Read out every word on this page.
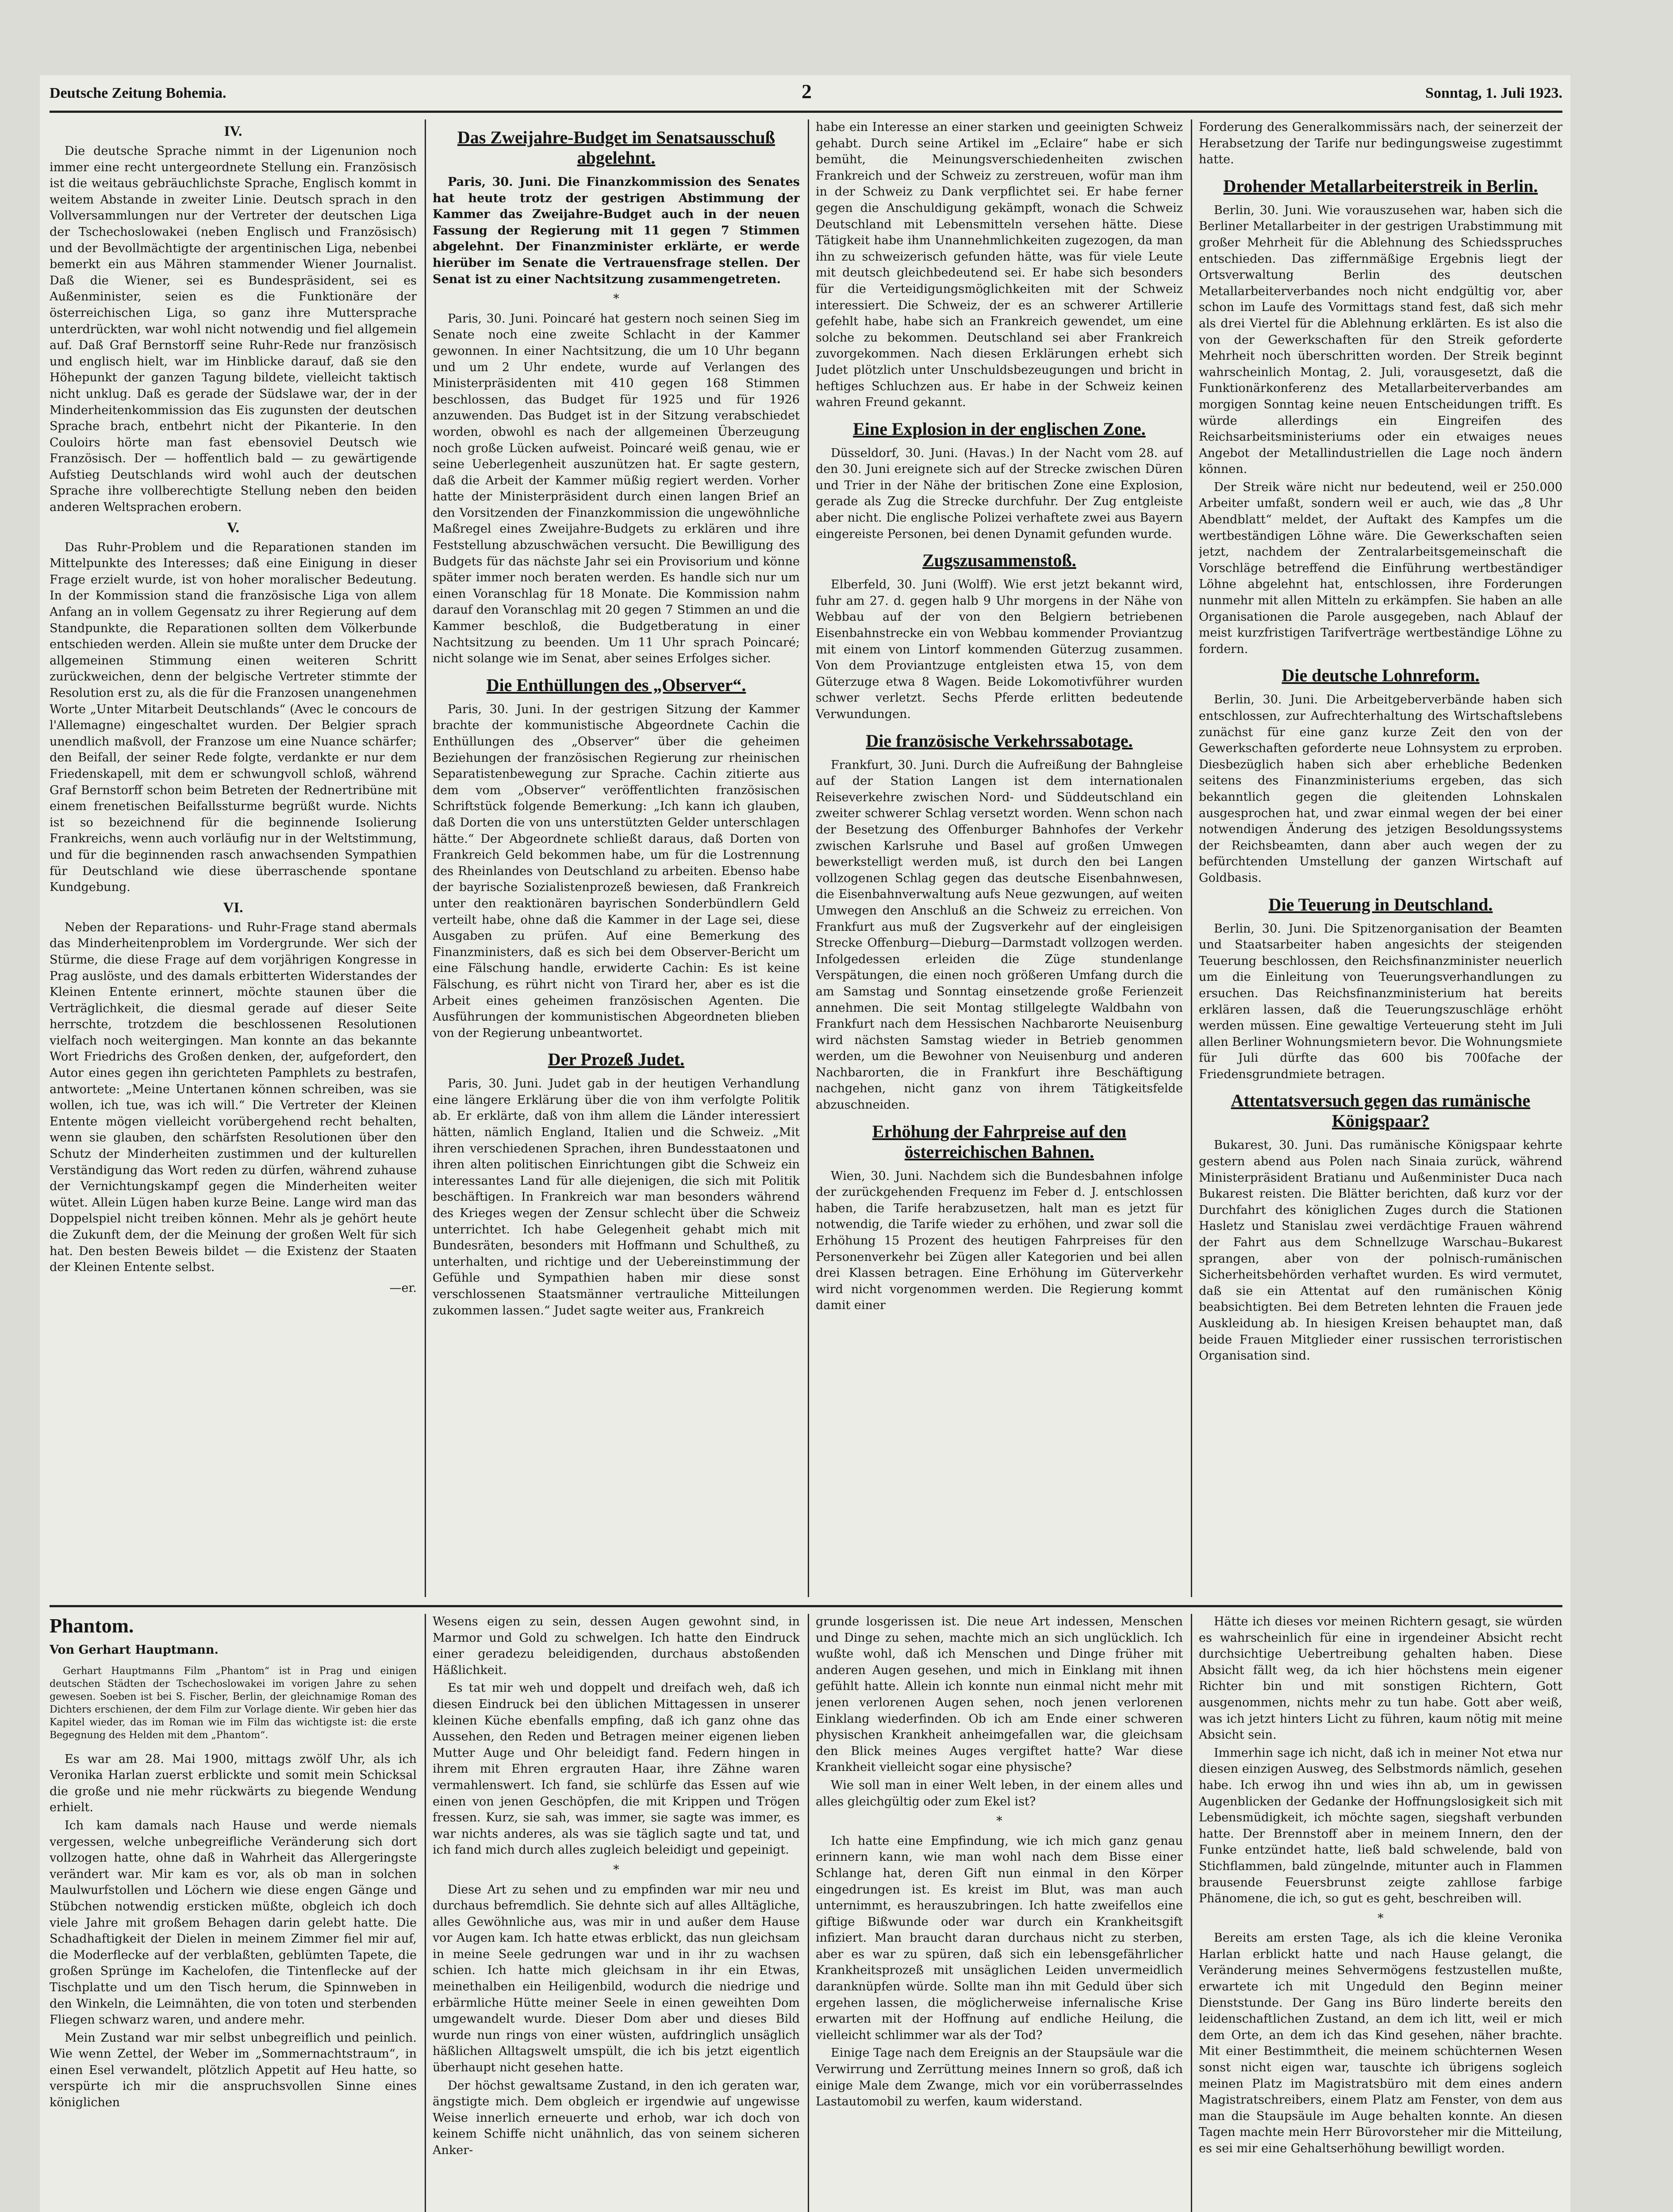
Deutsche Zeitung Bohemia.	2	Sonntag, 1. Juli 1923.
IV.

Die deutsche Sprache nimmt in der Ligenunion noch immer eine recht untergeordnete Stellung ein. Französisch ist die weitaus gebräuchlichste Sprache, Englisch kommt in weitem Abstande in zweiter Linie. Deutsch sprach in den Vollversammlungen nur der Vertreter der deutschen Liga der Tschechoslowakei (neben Englisch und Französisch) und der Bevollmächtigte der argentinischen Liga, nebenbei bemerkt ein aus Mähren stammender Wiener Journalist. Daß die Wiener, sei es Bundespräsident, sei es Außenminister, seien es die Funktionäre der österreichischen Liga, so ganz ihre Muttersprache unterdrückten, war wohl nicht notwendig und fiel allgemein auf. Daß Graf Bernstorff seine Ruhr-Rede nur französisch und englisch hielt, war im Hinblicke darauf, daß sie den Höhepunkt der ganzen Tagung bildete, vielleicht taktisch nicht unklug. Daß es gerade der Südslawe war, der in der Minderheitenkommission das Eis zugunsten der deutschen Sprache brach, entbehrt nicht der Pikanterie. In den Couloirs hörte man fast ebensoviel Deutsch wie Französisch. Der — hoffentlich bald — zu gewärtigende Aufstieg Deutschlands wird wohl auch der deutschen Sprache ihre vollberechtigte Stellung neben den beiden anderen Weltsprachen erobern.

V.

Das Ruhr-Problem und die Reparationen standen im Mittelpunkte des Interesses; daß eine Einigung in dieser Frage erzielt wurde, ist von hoher moralischer Bedeutung. In der Kommission stand die französische Liga von allem Anfang an in vollem Gegensatz zu ihrer Regierung auf dem Standpunkte, die Reparationen sollten dem Völkerbunde entschieden werden. Allein sie mußte unter dem Drucke der allgemeinen Stimmung einen weiteren Schritt zurückweichen, denn der belgische Vertreter stimmte der Resolution erst zu, als die für die Franzosen unangenehmen Worte „Unter Mitarbeit Deutschlands“ (Avec le concours de l'Allemagne) eingeschaltet wurden. Der Belgier sprach unendlich maßvoll, der Franzose um eine Nuance schärfer; den Beifall, der seiner Rede folgte, verdankte er nur dem Friedenskapell, mit dem er schwungvoll schloß, während Graf Bernstorff schon beim Betreten der Rednertribüne mit einem frenetischen Beifallssturme begrüßt wurde. Nichts ist so bezeichnend für die beginnende Isolierung Frankreichs, wenn auch vorläufig nur in der Weltstimmung, und für die beginnenden rasch anwachsenden Sympathien für Deutschland wie diese überraschende spontane Kundgebung.

VI.

Neben der Reparations- und Ruhr-Frage stand abermals das Minderheitenproblem im Vordergrunde. Wer sich der Stürme, die diese Frage auf dem vorjährigen Kongresse in Prag auslöste, und des damals erbitterten Widerstandes der Kleinen Entente erinnert, möchte staunen über die Verträglichkeit, die diesmal gerade auf dieser Seite herrschte, trotzdem die beschlossenen Resolutionen vielfach noch weitergingen. Man konnte an das bekannte Wort Friedrichs des Großen denken, der, aufgefordert, den Autor eines gegen ihn gerichteten Pamphlets zu bestrafen, antwortete: „Meine Untertanen können schreiben, was sie wollen, ich tue, was ich will.“ Die Vertreter der Kleinen Entente mögen vielleicht vorübergehend recht behalten, wenn sie glauben, den schärfsten Resolutionen über den Schutz der Minderheiten zustimmen und der kulturellen Verständigung das Wort reden zu dürfen, während zuhause der Vernichtungskampf gegen die Minderheiten weiter wütet. Allein Lügen haben kurze Beine. Lange wird man das Doppelspiel nicht treiben können. Mehr als je gehört heute die Zukunft dem, der die Meinung der großen Welt für sich hat. Den besten Beweis bildet — die Existenz der Staaten der Kleinen Entente selbst.

—er.
Das Zweijahre-Budget im Senatsausschuß abgelehnt.

Paris, 30. Juni. Die Finanzkommission des Senates hat heute trotz der gestrigen Abstimmung der Kammer das Zweijahre-Budget auch in der neuen Fassung der Regierung mit 11 gegen 7 Stimmen abgelehnt. Der Finanzminister erklärte, er werde hierüber im Senate die Vertrauensfrage stellen. Der Senat ist zu einer Nachtsitzung zusammengetreten.

*

Paris, 30. Juni. Poincaré hat gestern noch seinen Sieg im Senate noch eine zweite Schlacht in der Kammer gewonnen. In einer Nachtsitzung, die um 10 Uhr begann und um 2 Uhr endete, wurde auf Verlangen des Ministerpräsidenten mit 410 gegen 168 Stimmen beschlossen, das Budget für 1925 und für 1926 anzuwenden. Das Budget ist in der Sitzung verabschiedet worden, obwohl es nach der allgemeinen Überzeugung noch große Lücken aufweist. Poincaré weiß genau, wie er seine Ueberlegenheit auszunützen hat. Er sagte gestern, daß die Arbeit der Kammer müßig regiert werden. Vorher hatte der Ministerpräsident durch einen langen Brief an den Vorsitzenden der Finanzkommission die ungewöhnliche Maßregel eines Zweijahre-Budgets zu erklären und ihre Feststellung abzuschwächen versucht. Die Bewilligung des Budgets für das nächste Jahr sei ein Provisorium und könne später immer noch beraten werden. Es handle sich nur um einen Voranschlag für 18 Monate. Die Kommission nahm darauf den Voranschlag mit 20 gegen 7 Stimmen an und die Kammer beschloß, die Budgetberatung in einer Nachtsitzung zu beenden. Um 11 Uhr sprach Poincaré; nicht solange wie im Senat, aber seines Erfolges sicher.

Die Enthüllungen des „Observer“.

Paris, 30. Juni. In der gestrigen Sitzung der Kammer brachte der kommunistische Abgeordnete Cachin die Enthüllungen des „Observer“ über die geheimen Beziehungen der französischen Regierung zur rheinischen Separatistenbewegung zur Sprache. Cachin zitierte aus dem vom „Observer“ veröffentlichten französischen Schriftstück folgende Bemerkung: „Ich kann ich glauben, daß Dorten die von uns unterstützten Gelder unterschlagen hätte.“ Der Abgeordnete schließt daraus, daß Dorten von Frankreich Geld bekommen habe, um für die Lostrennung des Rheinlandes von Deutschland zu arbeiten. Ebenso habe der bayrische Sozialistenprozeß bewiesen, daß Frankreich unter den reaktionären bayrischen Sonderbündlern Geld verteilt habe, ohne daß die Kammer in der Lage sei, diese Ausgaben zu prüfen. Auf eine Bemerkung des Finanzministers, daß es sich bei dem Observer-Bericht um eine Fälschung handle, erwiderte Cachin: Es ist keine Fälschung, es rührt nicht von Tirard her, aber es ist die Arbeit eines geheimen französischen Agenten. Die Ausführungen der kommunistischen Abgeordneten blieben von der Regierung unbeantwortet.

Der Prozeß Judet.

Paris, 30. Juni. Judet gab in der heutigen Verhandlung eine längere Erklärung über die von ihm verfolgte Politik ab. Er erklärte, daß von ihm allem die Länder interessiert hätten, nämlich England, Italien und die Schweiz. „Mit ihren verschiedenen Sprachen, ihren Bundesstaatonen und ihren alten politischen Einrichtungen gibt die Schweiz ein interessantes Land für alle diejenigen, die sich mit Politik beschäftigen. In Frankreich war man besonders während des Krieges wegen der Zensur schlecht über die Schweiz unterrichtet. Ich habe Gelegenheit gehabt mich mit Bundesräten, besonders mit Hoffmann und Schultheß, zu unterhalten, und richtige und der Uebereinstimmung der Gefühle und Sympathien haben mir diese sonst verschlossenen Staatsmänner vertrauliche Mitteilungen zukommen lassen.“ Judet sagte weiter aus, Frankreich

habe ein Interesse an einer starken und geeinigten Schweiz gehabt. Durch seine Artikel im „Eclaire“ habe er sich bemüht, die Meinungsverschiedenheiten zwischen Frankreich und der Schweiz zu zerstreuen, wofür man ihm in der Schweiz zu Dank verpflichtet sei. Er habe ferner gegen die Anschuldigung gekämpft, wonach die Schweiz Deutschland mit Lebensmitteln versehen hätte. Diese Tätigkeit habe ihm Unannehmlichkeiten zugezogen, da man ihn zu schweizerisch gefunden hätte, was für viele Leute mit deutsch gleichbedeutend sei. Er habe sich besonders für die Verteidigungsmöglichkeiten mit der Schweiz interessiert. Die Schweiz, der es an schwerer Artillerie gefehlt habe, habe sich an Frankreich gewendet, um eine solche zu bekommen. Deutschland sei aber Frankreich zuvorgekommen. Nach diesen Erklärungen erhebt sich Judet plötzlich unter Unschuldsbezeugungen und bricht in heftiges Schluchzen aus. Er habe in der Schweiz keinen wahren Freund gekannt.

Eine Explosion in der englischen Zone.

Düsseldorf, 30. Juni. (Havas.) In der Nacht vom 28. auf den 30. Juni ereignete sich auf der Strecke zwischen Düren und Trier in der Nähe der britischen Zone eine Explosion, gerade als Zug die Strecke durchfuhr. Der Zug entgleiste aber nicht. Die englische Polizei verhaftete zwei aus Bayern eingereiste Personen, bei denen Dynamit gefunden wurde.

Zugszusammenstoß.

Elberfeld, 30. Juni (Wolff). Wie erst jetzt bekannt wird, fuhr am 27. d. gegen halb 9 Uhr morgens in der Nähe von Webbau auf der von den Belgiern betriebenen Eisenbahnstrecke ein von Webbau kommender Proviantzug mit einem von Lintorf kommenden Güterzug zusammen. Von dem Proviantzuge entgleisten etwa 15, von dem Güterzuge etwa 8 Wagen. Beide Lokomotivführer wurden schwer verletzt. Sechs Pferde erlitten bedeutende Verwundungen.

Die französische Verkehrssabotage.

Frankfurt, 30. Juni. Durch die Aufreißung der Bahngleise auf der Station Langen ist dem internationalen Reiseverkehre zwischen Nord- und Süddeutschland ein zweiter schwerer Schlag versetzt worden. Wenn schon nach der Besetzung des Offenburger Bahnhofes der Verkehr zwischen Karlsruhe und Basel auf großen Umwegen bewerkstelligt werden muß, ist durch den bei Langen vollzogenen Schlag gegen das deutsche Eisenbahnwesen, die Eisenbahnverwaltung aufs Neue gezwungen, auf weiten Umwegen den Anschluß an die Schweiz zu erreichen. Von Frankfurt aus muß der Zugsverkehr auf der eingleisigen Strecke Offenburg—Dieburg—Darmstadt vollzogen werden. Infolgedessen erleiden die Züge stundenlange Verspätungen, die einen noch größeren Umfang durch die am Samstag und Sonntag einsetzende große Ferienzeit annehmen. Die seit Montag stillgelegte Waldbahn von Frankfurt nach dem Hessischen Nachbarorte Neuisenburg wird nächsten Samstag wieder in Betrieb genommen werden, um die Bewohner von Neuisenburg und anderen Nachbarorten, die in Frankfurt ihre Beschäftigung nachgehen, nicht ganz von ihrem Tätigkeitsfelde abzuschneiden.

Erhöhung der Fahrpreise auf den österreichischen Bahnen.

Wien, 30. Juni. Nachdem sich die Bundesbahnen infolge der zurückgehenden Frequenz im Feber d. J. entschlossen haben, die Tarife herabzusetzen, halt man es jetzt für notwendig, die Tarife wieder zu erhöhen, und zwar soll die Erhöhung 15 Prozent des heutigen Fahrpreises für den Personenverkehr bei Zügen aller Kategorien und bei allen drei Klassen betragen. Eine Erhöhung im Güterverkehr wird nicht vorgenommen werden. Die Regierung kommt damit einer

Forderung des Generalkommissärs nach, der seinerzeit der Herabsetzung der Tarife nur bedingungsweise zugestimmt hatte.

Drohender Metallarbeiterstreik in Berlin.

Berlin, 30. Juni. Wie vorauszusehen war, haben sich die Berliner Metallarbeiter in der gestrigen Urabstimmung mit großer Mehrheit für die Ablehnung des Schiedsspruches entschieden. Das ziffernmäßige Ergebnis liegt der Ortsverwaltung Berlin des deutschen Metallarbeiterverbandes noch nicht endgültig vor, aber schon im Laufe des Vormittags stand fest, daß sich mehr als drei Viertel für die Ablehnung erklärten. Es ist also die von der Gewerkschaften für den Streik geforderte Mehrheit noch überschritten worden. Der Streik beginnt wahrscheinlich Montag, 2. Juli, vorausgesetzt, daß die Funktionärkonferenz des Metallarbeiterverbandes am morgigen Sonntag keine neuen Entscheidungen trifft. Es würde allerdings ein Eingreifen des Reichsarbeitsministeriums oder ein etwaiges neues Angebot der Metallindustriellen die Lage noch ändern können.

Der Streik wäre nicht nur bedeutend, weil er 250.000 Arbeiter umfaßt, sondern weil er auch, wie das „8 Uhr Abendblatt“ meldet, der Auftakt des Kampfes um die wertbeständigen Löhne wäre. Die Gewerkschaften seien jetzt, nachdem der Zentralarbeitsgemeinschaft die Vorschläge betreffend die Einführung wertbeständiger Löhne abgelehnt hat, entschlossen, ihre Forderungen nunmehr mit allen Mitteln zu erkämpfen. Sie haben an alle Organisationen die Parole ausgegeben, nach Ablauf der meist kurzfristigen Tarifverträge wertbeständige Löhne zu fordern.

Die deutsche Lohnreform.

Berlin, 30. Juni. Die Arbeitgeberverbände haben sich entschlossen, zur Aufrechterhaltung des Wirtschaftslebens zunächst für eine ganz kurze Zeit den von der Gewerkschaften geforderte neue Lohnsystem zu erproben. Diesbezüglich haben sich aber erhebliche Bedenken seitens des Finanzministeriums ergeben, das sich bekanntlich gegen die gleitenden Lohnskalen ausgesprochen hat, und zwar einmal wegen der bei einer notwendigen Änderung des jetzigen Besoldungssystems der Reichsbeamten, dann aber auch wegen der zu befürchtenden Umstellung der ganzen Wirtschaft auf Goldbasis.

Die Teuerung in Deutschland.

Berlin, 30. Juni. Die Spitzenorganisation der Beamten und Staatsarbeiter haben angesichts der steigenden Teuerung beschlossen, den Reichsfinanzminister neuerlich um die Einleitung von Teuerungsverhandlungen zu ersuchen. Das Reichsfinanzministerium hat bereits erklären lassen, daß die Teuerungszuschläge erhöht werden müssen. Eine gewaltige Verteuerung steht im Juli allen Berliner Wohnungsmietern bevor. Die Wohnungsmiete für Juli dürfte das 600 bis 700fache der Friedensgrundmiete betragen.

Attentatsversuch gegen das rumänische Königspaar?

Bukarest, 30. Juni. Das rumänische Königspaar kehrte gestern abend aus Polen nach Sinaia zurück, während Ministerpräsident Bratianu und Außenminister Duca nach Bukarest reisten. Die Blätter berichten, daß kurz vor der Durchfahrt des königlichen Zuges durch die Stationen Hasletz und Stanislau zwei verdächtige Frauen während der Fahrt aus dem Schnellzuge Warschau–Bukarest sprangen, aber von der polnisch-rumänischen Sicherheitsbehörden verhaftet wurden. Es wird vermutet, daß sie ein Attentat auf den rumänischen König beabsichtigten. Bei dem Betreten lehnten die Frauen jede Auskleidung ab. In hiesigen Kreisen behauptet man, daß beide Frauen Mitglieder einer russischen terroristischen Organisation sind.

Phantom.
Von Gerhart Hauptmann.

Gerhart Hauptmanns Film „Phantom“ ist in Prag und einigen deutschen Städten der Tschechoslowakei im vorigen Jahre zu sehen gewesen. Soeben ist bei S. Fischer, Berlin, der gleichnamige Roman des Dichters erschienen, der dem Film zur Vorlage diente. Wir geben hier das Kapitel wieder, das im Roman wie im Film das wichtigste ist: die erste Begegnung des Helden mit dem „Phantom“.

Es war am 28. Mai 1900, mittags zwölf Uhr, als ich Veronika Harlan zuerst erblickte und somit mein Schicksal die große und nie mehr rückwärts zu biegende Wendung erhielt.

Ich kam damals nach Hause und werde niemals vergessen, welche unbegreifliche Veränderung sich dort vollzogen hatte, ohne daß in Wahrheit das Allergeringste verändert war. Mir kam es vor, als ob man in solchen Maulwurfstollen und Löchern wie diese engen Gänge und Stübchen notwendig ersticken müßte, obgleich ich doch viele Jahre mit großem Behagen darin gelebt hatte. Die Schadhaftigkeit der Dielen in meinem Zimmer fiel mir auf, die Moderflecke auf der verblaßten, geblümten Tapete, die großen Sprünge im Kachelofen, die Tintenflecke auf der Tischplatte und um den Tisch herum, die Spinnweben in den Winkeln, die Leimnähten, die von toten und sterbenden Fliegen schwarz waren, und andere mehr.

Mein Zustand war mir selbst unbegreiflich und peinlich. Wie wenn Zettel, der Weber im „Sommernachtstraum“, in einen Esel verwandelt, plötzlich Appetit auf Heu hatte, so verspürte ich mir die anspruchsvollen Sinne eines königlichen

Wesens eigen zu sein, dessen Augen gewohnt sind, in Marmor und Gold zu schwelgen. Ich hatte den Eindruck einer geradezu beleidigenden, durchaus abstoßenden Häßlichkeit.

Es tat mir weh und doppelt und dreifach weh, daß ich diesen Eindruck bei den üblichen Mittagessen in unserer kleinen Küche ebenfalls empfing, daß ich ganz ohne das Aussehen, den Reden und Betragen meiner eigenen lieben Mutter Auge und Ohr beleidigt fand. Federn hingen in ihrem mit Ehren ergrauten Haar, ihre Zähne waren vermahlenswert. Ich fand, sie schlürfe das Essen auf wie einen von jenen Geschöpfen, die mit Krippen und Trögen fressen. Kurz, sie sah, was immer, sie sagte was immer, es war nichts anderes, als was sie täglich sagte und tat, und ich fand mich durch alles zugleich beleidigt und gepeinigt.

*

Diese Art zu sehen und zu empfinden war mir neu und durchaus befremdlich. Sie dehnte sich auf alles Alltägliche, alles Gewöhnliche aus, was mir in und außer dem Hause vor Augen kam. Ich hatte etwas erblickt, das nun gleichsam in meine Seele gedrungen war und in ihr zu wachsen schien. Ich hatte mich gleichsam in ihr ein Etwas, meinethalben ein Heiligenbild, wodurch die niedrige und erbärmliche Hütte meiner Seele in einen geweihten Dom umgewandelt wurde. Dieser Dom aber und dieses Bild wurde nun rings von einer wüsten, aufdringlich unsäglich häßlichen Alltagswelt umspült, die ich bis jetzt eigentlich überhaupt nicht gesehen hatte.

Der höchst gewaltsame Zustand, in den ich geraten war, ängstigte mich. Dem obgleich er irgendwie auf ungewisse Weise innerlich erneuerte und erhob, war ich doch von keinem Schiffe nicht unähnlich, das von seinem sicheren Anker-

grunde losgerissen ist. Die neue Art indessen, Menschen und Dinge zu sehen, machte mich an sich unglücklich. Ich wußte wohl, daß ich Menschen und Dinge früher mit anderen Augen gesehen, und mich in Einklang mit ihnen gefühlt hatte. Allein ich konnte nun einmal nicht mehr mit jenen verlorenen Augen sehen, noch jenen verlorenen Einklang wiederfinden. Ob ich am Ende einer schweren physischen Krankheit anheimgefallen war, die gleichsam den Blick meines Auges vergiftet hatte? War diese Krankheit vielleicht sogar eine physische?

Wie soll man in einer Welt leben, in der einem alles und alles gleichgültig oder zum Ekel ist?

*

Ich hatte eine Empfindung, wie ich mich ganz genau erinnern kann, wie man wohl nach dem Bisse einer Schlange hat, deren Gift nun einmal in den Körper eingedrungen ist. Es kreist im Blut, was man auch unternimmt, es herauszubringen. Ich hatte zweifellos eine giftige Bißwunde oder war durch ein Krankheitsgift infiziert. Man braucht daran durchaus nicht zu sterben, aber es war zu spüren, daß sich ein lebensgefährlicher Krankheitsprozeß mit unsäglichen Leiden unvermeidlich daranknüpfen würde. Sollte man ihn mit Geduld über sich ergehen lassen, die möglicherweise infernalische Krise erwarten mit der Hoffnung auf endliche Heilung, die vielleicht schlimmer war als der Tod?

Einige Tage nach dem Ereignis an der Staupsäule war die Verwirrung und Zerrüttung meines Innern so groß, daß ich einige Male dem Zwange, mich vor ein vorüberrasselndes Lastautomobil zu werfen, kaum widerstand.

Hätte ich dieses vor meinen Richtern gesagt, sie würden es wahrscheinlich für eine in irgendeiner Absicht recht durchsichtige Uebertreibung gehalten haben. Diese Absicht fällt weg, da ich hier höchstens mein eigener Richter bin und mit sonstigen Richtern, Gott ausgenommen, nichts mehr zu tun habe. Gott aber weiß, was ich jetzt hinters Licht zu führen, kaum nötig mit meine Absicht sein.

Immerhin sage ich nicht, daß ich in meiner Not etwa nur diesen einzigen Ausweg, des Selbstmords nämlich, gesehen habe. Ich erwog ihn und wies ihn ab, um in gewissen Augenblicken der Gedanke der Hoffnungslosigkeit sich mit Lebensmüdigkeit, ich möchte sagen, siegshaft verbunden hatte. Der Brennstoff aber in meinem Innern, den der Funke entzündet hatte, ließ bald schwelende, bald von Stichflammen, bald züngelnde, mitunter auch in Flammen brausende Feuersbrunst zeigte zahllose farbige Phänomene, die ich, so gut es geht, beschreiben will.

*

Bereits am ersten Tage, als ich die kleine Veronika Harlan erblickt hatte und nach Hause gelangt, die Veränderung meines Sehvermögens festzustellen mußte, erwartete ich mit Ungeduld den Beginn meiner Dienststunde. Der Gang ins Büro linderte bereits den leidenschaftlichen Zustand, an dem ich litt, weil er mich dem Orte, an dem ich das Kind gesehen, näher brachte. Mit einer Bestimmtheit, die meinem schüchternen Wesen sonst nicht eigen war, tauschte ich übrigens sogleich meinen Platz im Magistratsbüro mit dem eines andern Magistratschreibers, einem Platz am Fenster, von dem aus man die Staupsäule im Auge behalten konnte. An diesen Tagen machte mein Herr Bürovorsteher mir die Mitteilung, es sei mir eine Gehaltserhöhung bewilligt worden.
